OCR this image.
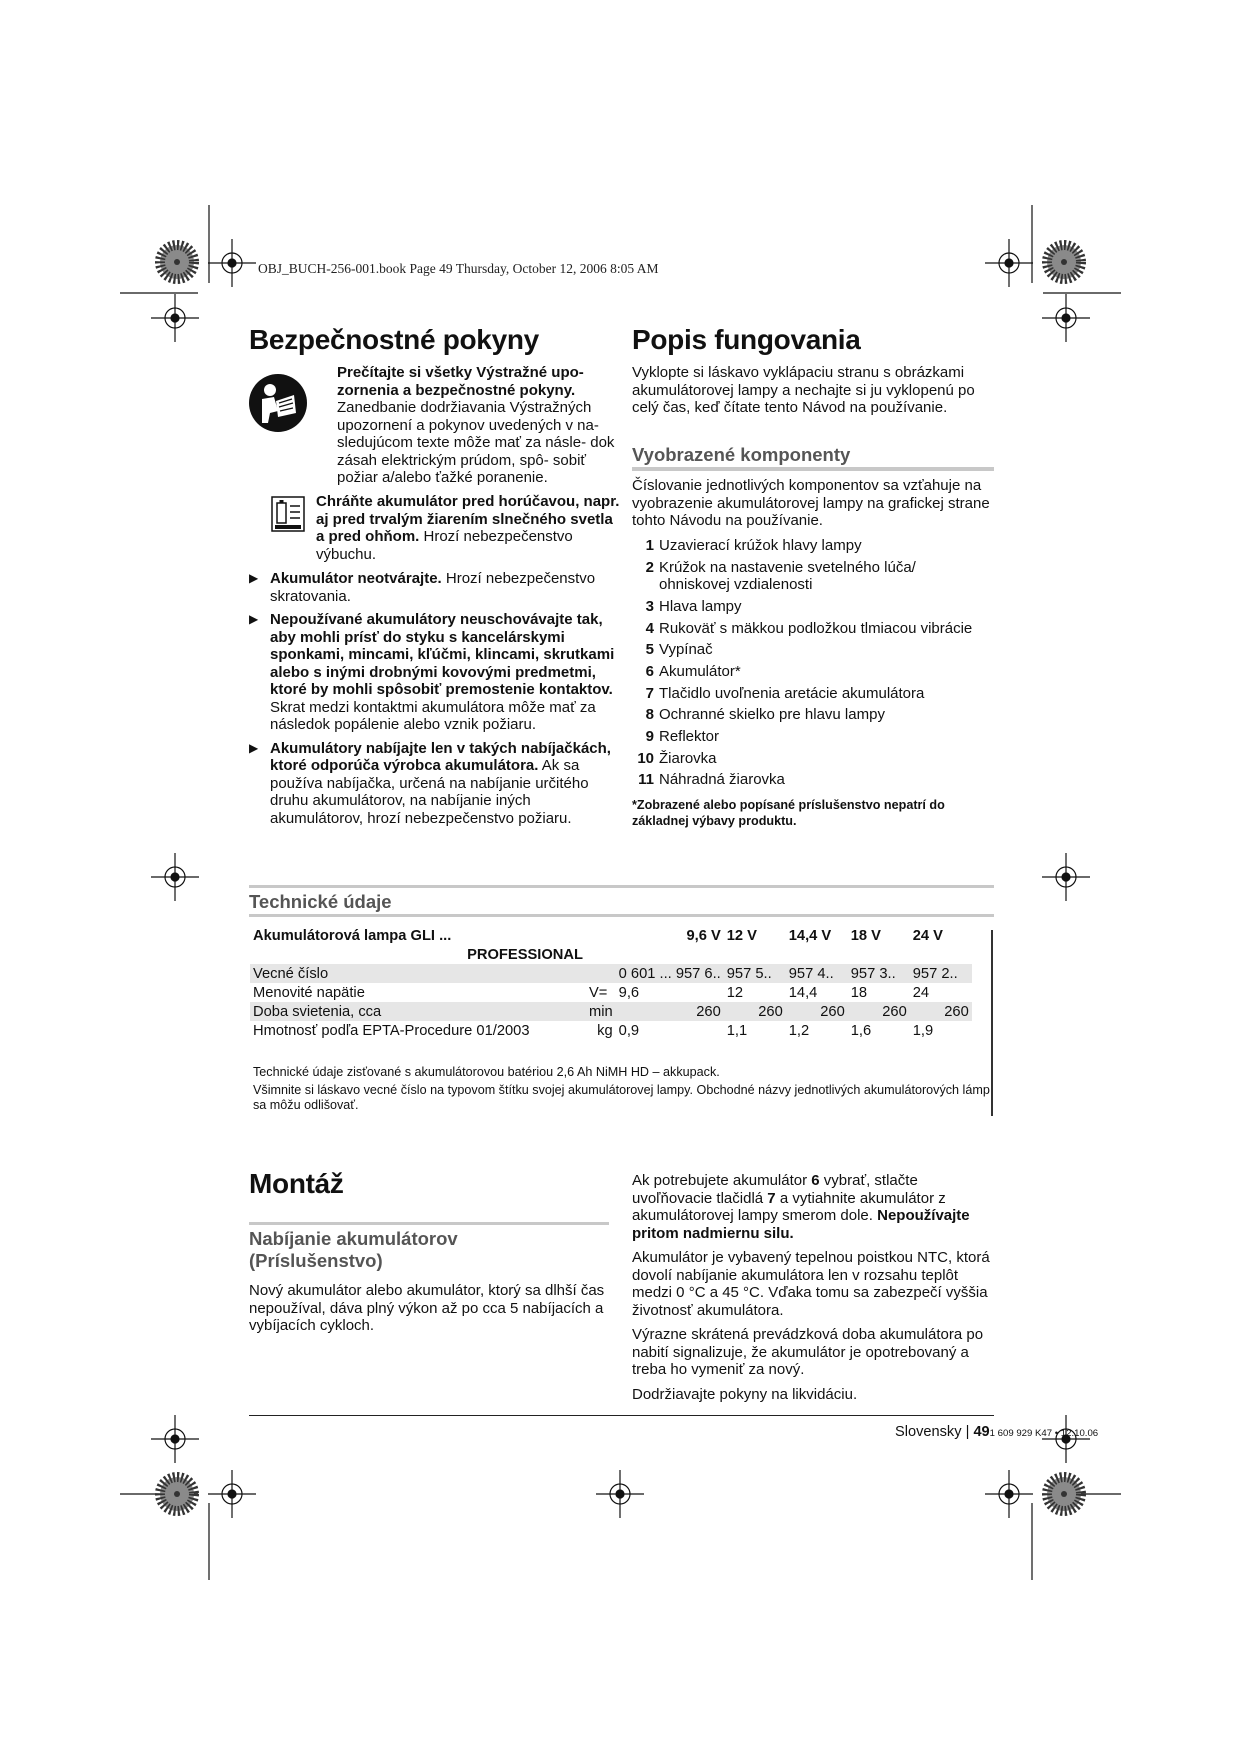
OBJ_BUCH-256-001.book Page 49 Thursday, October 12, 2006 8:05 AM
Bezpečnostné pokyny

Prečítajte si všetky Výstražné upo- zornenia a bezpečnostné pokyny. Zanedbanie dodržiavania Výstražných upozornení a pokynov uvedených v na- sledujúcom texte môže mať za násle- dok zásah elektrickým prúdom, spô- sobiť požiar a/alebo ťažké poranenie.

Chráňte akumulátor pred horúčavou, napr. aj pred trvalým žiarením slnečného svetla a pred ohňom. Hrozí nebezpečenstvo výbuchu.

▶ Akumulátor neotvárajte. Hrozí nebezpečenstvo skratovania.
▶ Nepoužívané akumulátory neuschovávajte tak, aby mohli prísť do styku s kancelárskymi sponkami, mincami, kľúčmi, klincami, skrutkami alebo s inými drobnými kovovými predmetmi, ktoré by mohli spôsobiť premostenie kontaktov. Skrat medzi kontaktmi akumulátora môže mať za následok popálenie alebo vznik požiaru.
▶ Akumulátory nabíjajte len v takých nabíjačkách, ktoré odporúča výrobca akumulátora. Ak sa používa nabíjačka, určená na nabíjanie určitého druhu akumulátorov, na nabíjanie iných akumulátorov, hrozí nebezpečenstvo požiaru.
Popis fungovania

Vyklopte si láskavo vyklápaciu stranu s obrázkami akumulátorovej lampy a nechajte si ju vyklopenú po celý čas, keď čítate tento Návod na používanie.

Vyobrazené komponenty

Číslovanie jednotlivých komponentov sa vzťahuje na vyobrazenie akumulátorovej lampy na grafickej strane tohto Návodu na používanie.

1 Uzavierací krúžok hlavy lampy
2 Krúžok na nastavenie svetelného lúča/ ohniskovej vzdialenosti
3 Hlava lampy
4 Rukoväť s mäkkou podložkou tlmiacou vibrácie
5 Vypínač
6 Akumulátor*
7 Tlačidlo uvoľnenia aretácie akumulátora
8 Ochranné skielko pre hlavu lampy
9 Reflektor
10 Žiarovka
11 Náhradná žiarovka

*Zobrazené alebo popísané príslušenstvo nepatrí do základnej výbavy produktu.

Technické údaje
Akumulátorová lampa GLI ...		9,6 V	12 V	14,4 V	18 V	24 V
PROFESSIONAL						
Vecné číslo		0 601 ... 957 6..	957 5..	957 4..	957 3..	957 2..
Menovité napätie	V=	9,6	12	14,4	18	24
Doba svietenia, cca	min	260	260	260	260	260
Hmotnosť podľa EPTA-Procedure 01/2003	kg	0,9	1,1	1,2	1,6	1,9

Technické údaje zisťované s akumulátorovou batériou 2,6 Ah NiMH HD – akkupack.

Všimnite si láskavo vecné číslo na typovom štítku svojej akumulátorovej lampy. Obchodné názvy jednotlivých akumulátorových lámp sa môžu odlišovať.

Montáž
Nabíjanie akumulátorov (Príslušenstvo)

Nový akumulátor alebo akumulátor, ktorý sa dlhší čas nepoužíval, dáva plný výkon až po cca 5 nabíjacích a vybíjacích cykloch.

Ak potrebujete akumulátor 6 vybrať, stlačte uvoľňovacie tlačidlá 7 a vytiahnite akumulátor z akumulátorovej lampy smerom dole. Nepoužívajte pritom nadmiernu silu.

Akumulátor je vybavený tepelnou poistkou NTC, ktorá dovolí nabíjanie akumulátora len v rozsahu teplôt medzi 0 °C a 45 °C. Vďaka tomu sa zabezpečí vyššia životnosť akumulátora.

Výrazne skrátená prevádzková doba akumulátora po nabití signalizuje, že akumulátor je opotrebovaný a treba ho vymeniť za nový.

Dodržiavajte pokyny na likvidáciu.

Slovensky | 491 609 929 K47 • 12.10.06
